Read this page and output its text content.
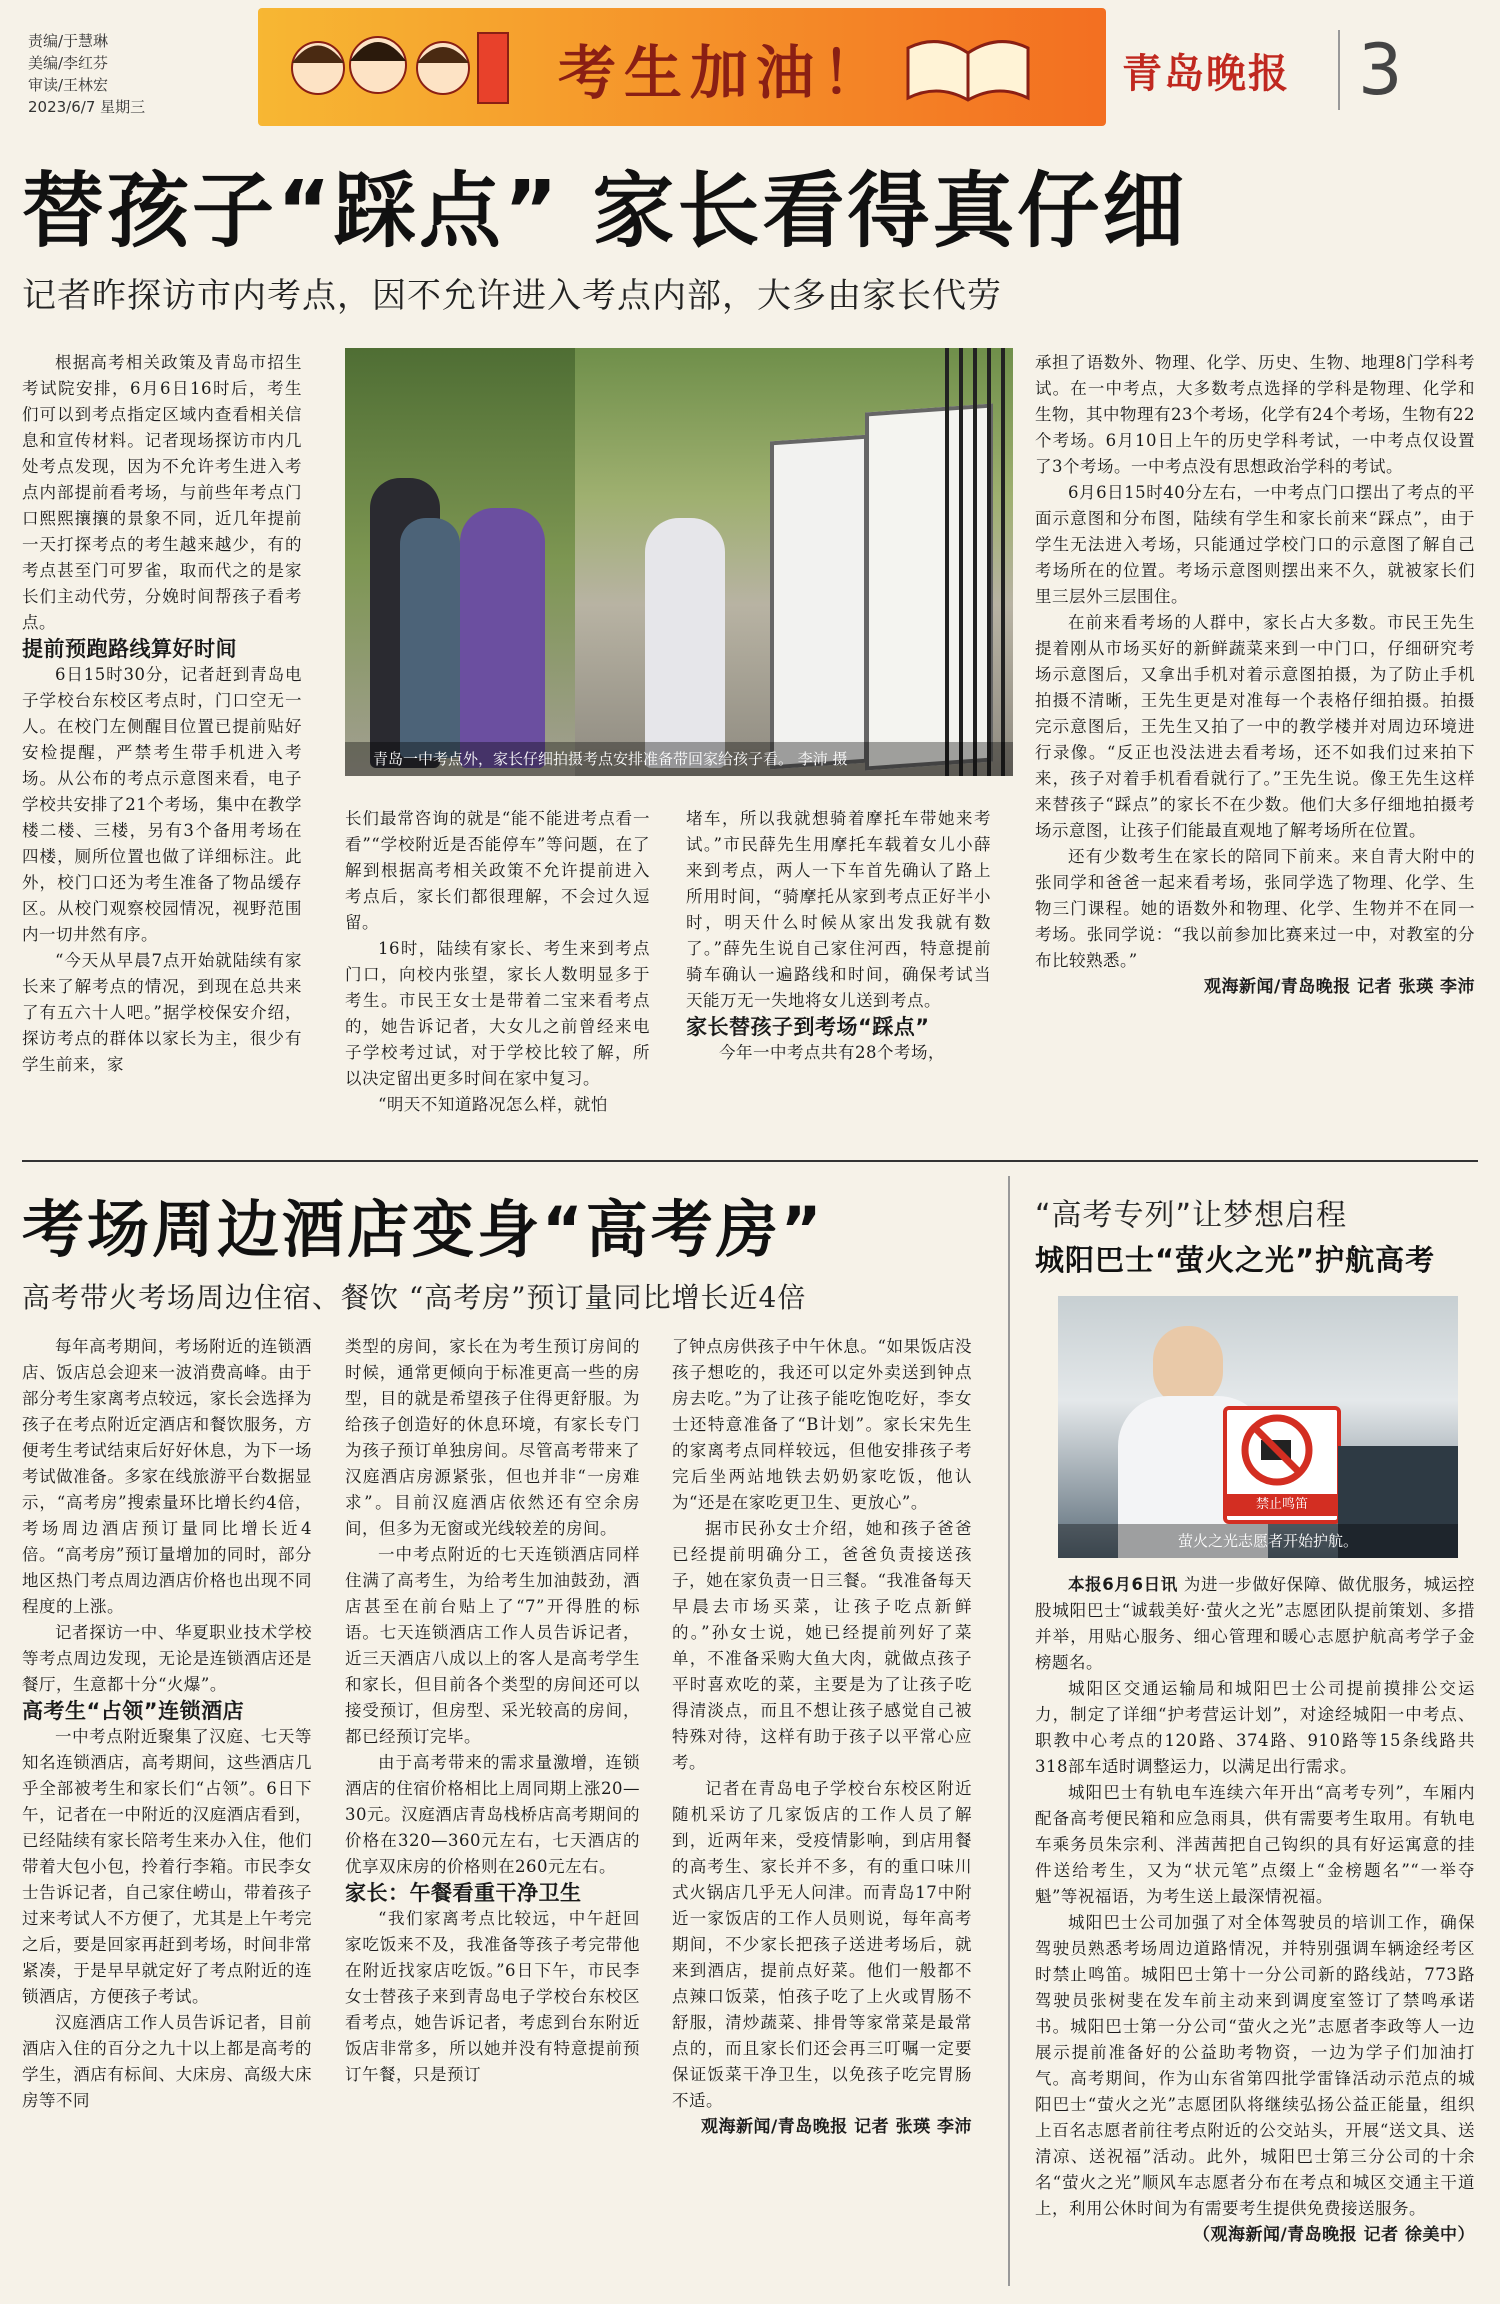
责编/于慧琳
美编/李红芬
审读/王林宏
2023/6/7 星期三	考生加油！	青岛晚报 3
替孩子“踩点” 家长看得真仔细
记者昨探访市内考点，因不允许进入考点内部，大多由家长代劳

根据高考相关政策及青岛市招生考试院安排，6月6日16时后，考生们可以到考点指定区域内查看相关信息和宣传材料。记者现场探访市内几处考点发现，因为不允许考生进入考点内部提前看考场，与前些年考点门口熙熙攘攘的景象不同，近几年提前一天打探考点的考生越来越少，有的考点甚至门可罗雀，取而代之的是家长们主动代劳，分娩时间帮孩子看考点。

提前预跑路线算好时间

6日15时30分，记者赶到青岛电子学校台东校区考点时，门口空无一人。在校门左侧醒目位置已提前贴好安检提醒，严禁考生带手机进入考场。从公布的考点示意图来看，电子学校共安排了21个考场，集中在教学楼二楼、三楼，另有3个备用考场在四楼，厕所位置也做了详细标注。此外，校门口还为考生准备了物品缓存区。从校门观察校园情况，视野范围内一切井然有序。

“今天从早晨7点开始就陆续有家长来了解考点的情况，到现在总共来了有五六十人吧。”据学校保安介绍，探访考点的群体以家长为主，很少有学生前来，家

青岛一中考点外，家长仔细拍摄考点安排准备带回家给孩子看。 李沛 摄

长们最常咨询的就是“能不能进考点看一看”“学校附近是否能停车”等问题，在了解到根据高考相关政策不允许提前进入考点后，家长们都很理解，不会过久逗留。

16时，陆续有家长、考生来到考点门口，向校内张望，家长人数明显多于考生。市民王女士是带着二宝来看考点的，她告诉记者，大女儿之前曾经来电子学校考过试，对于学校比较了解，所以决定留出更多时间在家中复习。

“明天不知道路况怎么样，就怕

堵车，所以我就想骑着摩托车带她来考试。”市民薛先生用摩托车载着女儿小薛来到考点，两人一下车首先确认了路上所用时间，“骑摩托从家到考点正好半小时，明天什么时候从家出发我就有数了。”薛先生说自己家住河西，特意提前骑车确认一遍路线和时间，确保考试当天能万无一失地将女儿送到考点。

家长替孩子到考场“踩点”

今年一中考点共有28个考场，

承担了语数外、物理、化学、历史、生物、地理8门学科考试。在一中考点，大多数考点选择的学科是物理、化学和生物，其中物理有23个考场，化学有24个考场，生物有22个考场。6月10日上午的历史学科考试，一中考点仅设置了3个考场。一中考点没有思想政治学科的考试。

6月6日15时40分左右，一中考点门口摆出了考点的平面示意图和分布图，陆续有学生和家长前来“踩点”，由于学生无法进入考场，只能通过学校门口的示意图了解自己考场所在的位置。考场示意图则摆出来不久，就被家长们里三层外三层围住。

在前来看考场的人群中，家长占大多数。市民王先生提着刚从市场买好的新鲜蔬菜来到一中门口，仔细研究考场示意图后，又拿出手机对着示意图拍摄，为了防止手机拍摄不清晰，王先生更是对准每一个表格仔细拍摄。拍摄完示意图后，王先生又拍了一中的教学楼并对周边环境进行录像。“反正也没法进去看考场，还不如我们过来拍下来，孩子对着手机看看就行了。”王先生说。像王先生这样来替孩子“踩点”的家长不在少数。他们大多仔细地拍摄考场示意图，让孩子们能最直观地了解考场所在位置。

还有少数考生在家长的陪同下前来。来自青大附中的张同学和爸爸一起来看考场，张同学选了物理、化学、生物三门课程。她的语数外和物理、化学、生物并不在同一考场。张同学说：“我以前参加比赛来过一中，对教室的分布比较熟悉。”

观海新闻/青岛晚报 记者 张瑛 李沛

考场周边酒店变身“高考房”
高考带火考场周边住宿、餐饮 “高考房”预订量同比增长近4倍

每年高考期间，考场附近的连锁酒店、饭店总会迎来一波消费高峰。由于部分考生家离考点较远，家长会选择为孩子在考点附近定酒店和餐饮服务，方便考生考试结束后好好休息，为下一场考试做准备。多家在线旅游平台数据显示，“高考房”搜索量环比增长约4倍，考场周边酒店预订量同比增长近4倍。“高考房”预订量增加的同时，部分地区热门考点周边酒店价格也出现不同程度的上涨。

记者探访一中、华夏职业技术学校等考点周边发现，无论是连锁酒店还是餐厅，生意都十分“火爆”。

高考生“占领”连锁酒店

一中考点附近聚集了汉庭、七天等知名连锁酒店，高考期间，这些酒店几乎全部被考生和家长们“占领”。6日下午，记者在一中附近的汉庭酒店看到，已经陆续有家长陪考生来办入住，他们带着大包小包，拎着行李箱。市民李女士告诉记者，自己家住崂山，带着孩子过来考试人不方便了，尤其是上午考完之后，要是回家再赶到考场，时间非常紧凑，于是早早就定好了考点附近的连锁酒店，方便孩子考试。

汉庭酒店工作人员告诉记者，目前酒店入住的百分之九十以上都是高考的学生，酒店有标间、大床房、高级大床房等不同

类型的房间，家长在为考生预订房间的时候，通常更倾向于标准更高一些的房型，目的就是希望孩子住得更舒服。为给孩子创造好的休息环境，有家长专门为孩子预订单独房间。尽管高考带来了汉庭酒店房源紧张，但也并非“一房难求”。目前汉庭酒店依然还有空余房间，但多为无窗或光线较差的房间。

一中考点附近的七天连锁酒店同样住满了高考生，为给考生加油鼓劲，酒店甚至在前台贴上了“7”开得胜的标语。七天连锁酒店工作人员告诉记者，近三天酒店八成以上的客人是高考学生和家长，但目前各个类型的房间还可以接受预订，但房型、采光较高的房间，都已经预订完毕。

由于高考带来的需求量激增，连锁酒店的住宿价格相比上周同期上涨20—30元。汉庭酒店青岛栈桥店高考期间的价格在320—360元左右，七天酒店的优享双床房的价格则在260元左右。

家长：午餐看重干净卫生

“我们家离考点比较远，中午赶回家吃饭来不及，我准备等孩子考完带他在附近找家店吃饭。”6日下午，市民李女士替孩子来到青岛电子学校台东校区看考点，她告诉记者，考虑到台东附近饭店非常多，所以她并没有特意提前预订午餐，只是预订

了钟点房供孩子中午休息。“如果饭店没孩子想吃的，我还可以定外卖送到钟点房去吃。”为了让孩子能吃饱吃好，李女士还特意准备了“B计划”。家长宋先生的家离考点同样较远，但他安排孩子考完后坐两站地铁去奶奶家吃饭，他认为“还是在家吃更卫生、更放心”。

据市民孙女士介绍，她和孩子爸爸已经提前明确分工，爸爸负责接送孩子，她在家负责一日三餐。“我准备每天早晨去市场买菜，让孩子吃点新鲜的。”孙女士说，她已经提前列好了菜单，不准备采购大鱼大肉，就做点孩子平时喜欢吃的菜，主要是为了让孩子吃得清淡点，而且不想让孩子感觉自己被特殊对待，这样有助于孩子以平常心应考。

记者在青岛电子学校台东校区附近随机采访了几家饭店的工作人员了解到，近两年来，受疫情影响，到店用餐的高考生、家长并不多，有的重口味川式火锅店几乎无人问津。而青岛17中附近一家饭店的工作人员则说，每年高考期间，不少家长把孩子送进考场后，就来到酒店，提前点好菜。他们一般都不点辣口饭菜，怕孩子吃了上火或胃肠不舒服，清炒蔬菜、排骨等家常菜是最常点的，而且家长们还会再三叮嘱一定要保证饭菜干净卫生，以免孩子吃完胃肠不适。

观海新闻/青岛晚报 记者 张瑛 李沛

“高考专列”让梦想启程
城阳巴士“萤火之光”护航高考
禁止鸣笛
萤火之光志愿者开始护航。

本报6月6日讯 为进一步做好保障、做优服务，城运控股城阳巴士“诚载美好·萤火之光”志愿团队提前策划、多措并举，用贴心服务、细心管理和暖心志愿护航高考学子金榜题名。

城阳区交通运输局和城阳巴士公司提前摸排公交运力，制定了详细“护考营运计划”，对途经城阳一中考点、职教中心考点的120路、374路、910路等15条线路共318部车适时调整运力，以满足出行需求。

城阳巴士有轨电车连续六年开出“高考专列”，车厢内配备高考便民箱和应急雨具，供有需要考生取用。有轨电车乘务员朱宗利、泮茜茜把自己钩织的具有好运寓意的挂件送给考生，又为“状元笔”点缀上“金榜题名”“一举夺魁”等祝福语，为考生送上最深情祝福。

城阳巴士公司加强了对全体驾驶员的培训工作，确保驾驶员熟悉考场周边道路情况，并特别强调车辆途经考区时禁止鸣笛。城阳巴士第十一分公司新的路线站，773路驾驶员张树斐在发车前主动来到调度室签订了禁鸣承诺书。城阳巴士第一分公司“萤火之光”志愿者李政等人一边展示提前准备好的公益助考物资，一边为学子们加油打气。高考期间，作为山东省第四批学雷锋活动示范点的城阳巴士“萤火之光”志愿团队将继续弘扬公益正能量，组织上百名志愿者前往考点附近的公交站头，开展“送文具、送清凉、送祝福”活动。此外，城阳巴士第三分公司的十余名“萤火之光”顺风车志愿者分布在考点和城区交通主干道上，利用公休时间为有需要考生提供免费接送服务。

（观海新闻/青岛晚报 记者 徐美中）
